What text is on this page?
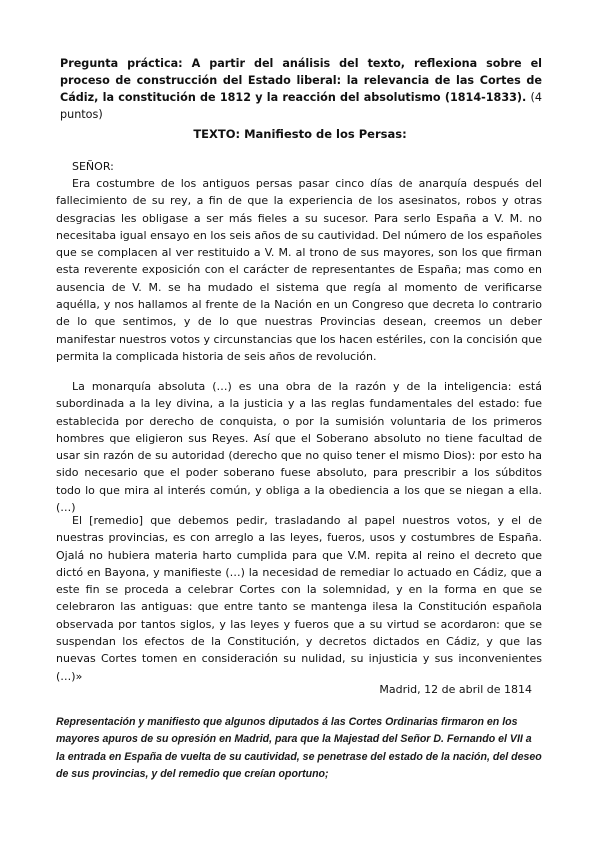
Pregunta práctica: A partir del análisis del texto, reflexiona sobre el proceso de construcción del Estado liberal: la relevancia de las Cortes de Cádiz, la constitución de 1812 y la reacción del absolutismo (1814-1833). (4 puntos)
TEXTO: Manifiesto de los Persas:

SEÑOR:

Era costumbre de los antiguos persas pasar cinco días de anarquía después del fallecimiento de su rey, a fin de que la experiencia de los asesinatos, robos y otras desgracias les obligase a ser más fieles a su sucesor. Para serlo España a V. M. no necesitaba igual ensayo en los seis años de su cautividad. Del número de los españoles que se complacen al ver restituido a V. M. al trono de sus mayores, son los que firman esta reverente exposición con el carácter de representantes de España; mas como en ausencia de V. M. se ha mudado el sistema que regía al momento de verificarse aquélla, y nos hallamos al frente de la Nación en un Congreso que decreta lo contrario de lo que sentimos, y de lo que nuestras Provincias desean, creemos un deber manifestar nuestros votos y circunstancias que los hacen estériles, con la concisión que permita la complicada historia de seis años de revolución.

La monarquía absoluta (…) es una obra de la razón y de la inteligencia: está subordinada a la ley divina, a la justicia y a las reglas fundamentales del estado: fue establecida por derecho de conquista, o por la sumisión voluntaria de los primeros hombres que eligieron sus Reyes. Así que el Soberano absoluto no tiene facultad de usar sin razón de su autoridad (derecho que no quiso tener el mismo Dios): por esto ha sido necesario que el poder soberano fuese absoluto, para prescribir a los súbditos todo lo que mira al interés común, y obliga a la obediencia a los que se niegan a ella. (…)

El [remedio] que debemos pedir, trasladando al papel nuestros votos, y el de nuestras provincias, es con arreglo a las leyes, fueros, usos y costumbres de España. Ojalá no hubiera materia harto cumplida para que V.M. repita al reino el decreto que dictó en Bayona, y manifieste (…) la necesidad de remediar lo actuado en Cádiz, que a este fin se proceda a celebrar Cortes con la solemnidad, y en la forma en que se celebraron las antiguas: que entre tanto se mantenga ilesa la Constitución española observada por tantos siglos, y las leyes y fueros que a su virtud se acordaron: que se suspendan los efectos de la Constitución, y decretos dictados en Cádiz, y que las nuevas Cortes tomen en consideración su nulidad, su injusticia y sus inconvenientes (…)»

Madrid, 12 de abril de 1814
Representación y manifiesto que algunos diputados á las Cortes Ordinarias firmaron en los mayores apuros de su opresión en Madrid, para que la Majestad del Señor D. Fernando el VII a la entrada en España de vuelta de su cautividad, se penetrase del estado de la nación, del deseo de sus provincias, y del remedio que creían oportuno;
